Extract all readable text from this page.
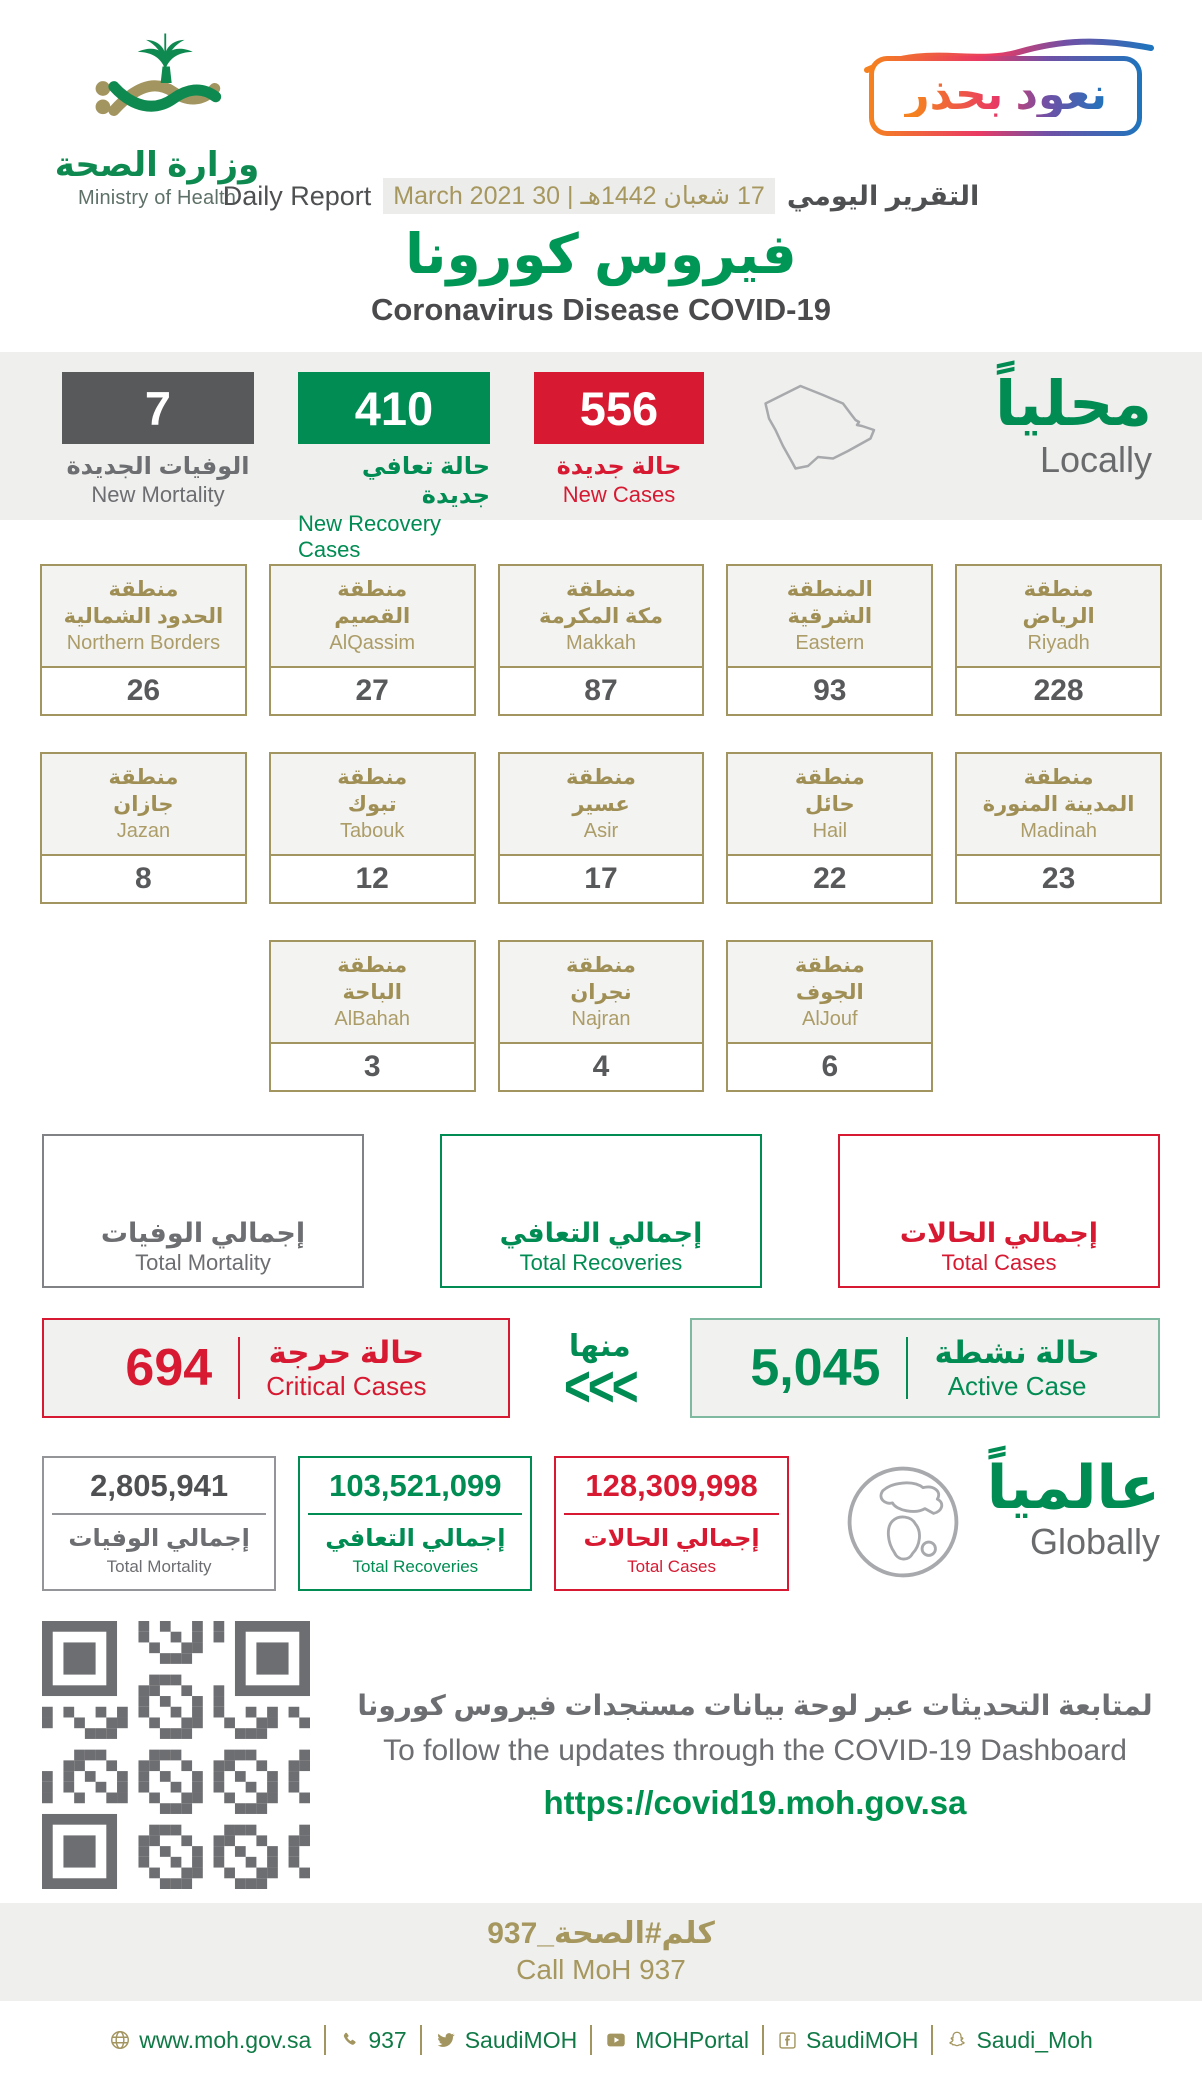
وزارة الصحة
Ministry of Health
نعود بحذر
Daily Report 17 شعبان 1442هـ | 30 March 2021 التقرير اليومي
فيروس كورونا
Coronavirus Disease COVID-19
7
الوفيات الجديدة
New Mortality
410
حالة تعافي جديدة
New Recovery Cases
556
حالة جديدة
New Cases
محلياً
Locally
منطقة
الحدود الشمالية
Northern Borders
26
منطقة
القصيم
AlQassim
27
منطقة
مكة المكرمة
Makkah
87
المنطقة
الشرقية
Eastern
93
منطقة
الرياض
Riyadh
228
منطقة
جازان
Jazan
8
منطقة
تبوك
Tabouk
12
منطقة
عسير
Asir
17
منطقة
حائل
Hail
22
منطقة
المدينة المنورة
Madinah
23
منطقة
الباحة
AlBahah
3
منطقة
نجران
Najran
4
منطقة
الجوف
AlJouf
6
6,663
إجمالي الوفيات
Total Mortality
377,714
إجمالي التعافي
Total Recoveries
389,422
إجمالي الحالات
Total Cases
694 حالة حرجة
Critical Cases
منها
<<< 5,045 حالة نشطة
Active Case
2,805,941
إجمالي الوفيات
Total Mortality
103,521,099
إجمالي التعافي
Total Recoveries
128,309,998
إجمالي الحالات
Total Cases
عالمياً
Globally
لمتابعة التحديثات عبر لوحة بيانات مستجدات فيروس كورونا
To follow the updates through the COVID-19 Dashboard
https://covid19.moh.gov.sa
كلم#الصحة_937
Call MoH 937
www.moh.gov.sa 937	SaudiMOH	MOHPortal SaudiMOH	Saudi_Moh
